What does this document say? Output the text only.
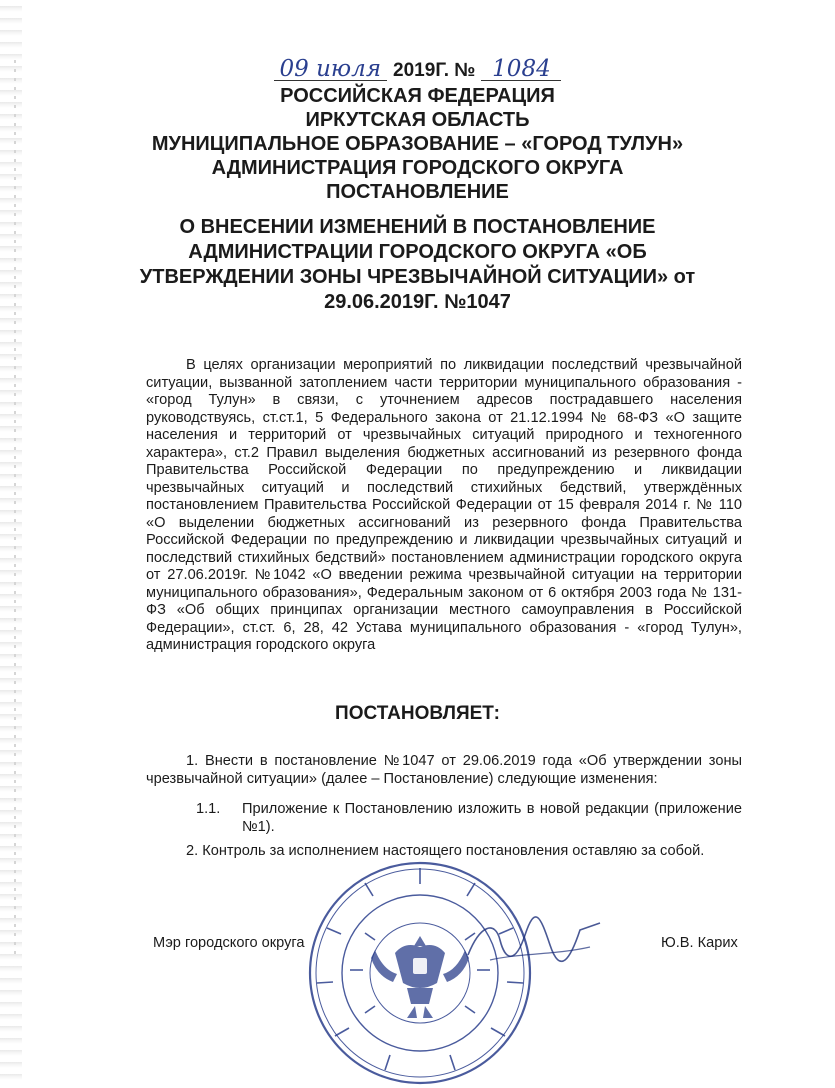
09 июля 2019Г. № 1084
РОССИЙСКАЯ ФЕДЕРАЦИЯ
ИРКУТСКАЯ ОБЛАСТЬ
МУНИЦИПАЛЬНОЕ ОБРАЗОВАНИЕ – «ГОРОД ТУЛУН»
АДМИНИСТРАЦИЯ ГОРОДСКОГО ОКРУГА
ПОСТАНОВЛЕНИЕ
О ВНЕСЕНИИ ИЗМЕНЕНИЙ В ПОСТАНОВЛЕНИЕ
АДМИНИСТРАЦИИ ГОРОДСКОГО ОКРУГА «ОБ
УТВЕРЖДЕНИИ ЗОНЫ ЧРЕЗВЫЧАЙНОЙ СИТУАЦИИ» от
29.06.2019Г. №1047

В целях организации мероприятий по ликвидации последствий чрезвычайной ситуации, вызванной затоплением части территории муниципального образования - «город Тулун» в связи, с уточнением адресов пострадавшего населения руководствуясь, ст.ст.1, 5 Федерального закона от 21.12.1994 № 68-ФЗ «О защите населения и территорий от чрезвычайных ситуаций природного и техногенного характера», ст.2 Правил выделения бюджетных ассигнований из резервного фонда Правительства Российской Федерации по предупреждению и ликвидации чрезвычайных ситуаций и последствий стихийных бедствий, утверждённых постановлением Правительства Российской Федерации от 15 февраля 2014 г. № 110 «О выделении бюджетных ассигнований из резервного фонда Правительства Российской Федерации по предупреждению и ликвидации чрезвычайных ситуаций и последствий стихийных бедствий» постановлением администрации городского округа от 27.06.2019г. №1042 «О введении режима чрезвычайной ситуации на территории муниципального образования», Федеральным законом от 6 октября 2003 года № 131-ФЗ «Об общих принципах организации местного самоуправления в Российской Федерации», ст.ст. 6, 28, 42 Устава муниципального образования - «город Тулун», администрация городского округа

ПОСТАНОВЛЯЕТ:
1. Внести в постановление №1047 от 29.06.2019 года «Об утверждении зоны чрезвычайной ситуации» (далее – Постановление) следующие изменения:
1.1. Приложение к Постановлению изложить в новой редакции (приложение №1).
2. Контроль за исполнением настоящего постановления оставляю за собой.
Мэр городского округа	Ю.В. Карих
